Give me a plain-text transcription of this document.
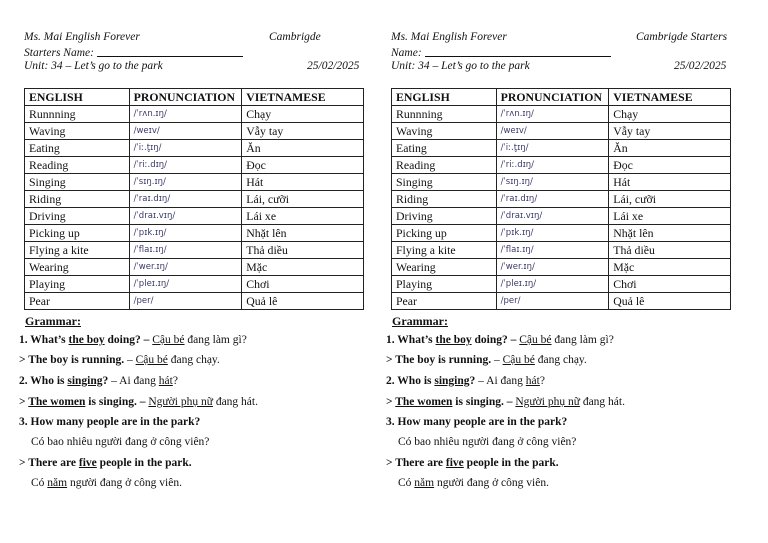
Ms. Mai English Forever	Cambrigde
Starters Name:
Unit: 34 – Let’s go to the park	25/02/2025
ENGLISH	PRONUNCIATION	VIETNAMESE
Runnning	/ˈrʌn.ɪŋ/	Chạy
Waving	/weɪv/	Vẫy tay
Eating	/ˈiː.t̬ɪŋ/	Ăn
Reading	/ˈriː.dɪŋ/	Đọc
Singing	/ˈsɪŋ.ɪŋ/	Hát
Riding	/ˈraɪ.dɪŋ/	Lái, cưỡi
Driving	/ˈdraɪ.vɪŋ/	Lái xe
Picking up	/ˈpɪk.ɪŋ/	Nhặt lên
Flying a kite	/ˈflaɪ.ɪŋ/	Thả diều
Wearing	/ˈwer.ɪŋ/	Mặc
Playing	/ˈpleɪ.ɪŋ/	Chơi
Pear	/per/	Quả lê
Grammar:
1. What’s the boy doing? – Cậu bé đang làm gì?
> The boy is running. – Cậu bé đang chạy.
2. Who is singing? – Ai đang hát?
> The women is singing. – Người phụ nữ đang hát.
3. How many people are in the park?
Có bao nhiêu người đang ở công viên?
> There are five people in the park.
Có năm người đang ở công viên.
Ms. Mai English Forever	Cambrigde Starters
Name:
Unit: 34 – Let’s go to the park	25/02/2025
ENGLISH	PRONUNCIATION	VIETNAMESE
Runnning	/ˈrʌn.ɪŋ/	Chạy
Waving	/weɪv/	Vẫy tay
Eating	/ˈiː.t̬ɪŋ/	Ăn
Reading	/ˈriː.dɪŋ/	Đọc
Singing	/ˈsɪŋ.ɪŋ/	Hát
Riding	/ˈraɪ.dɪŋ/	Lái, cưỡi
Driving	/ˈdraɪ.vɪŋ/	Lái xe
Picking up	/ˈpɪk.ɪŋ/	Nhặt lên
Flying a kite	/ˈflaɪ.ɪŋ/	Thả diều
Wearing	/ˈwer.ɪŋ/	Mặc
Playing	/ˈpleɪ.ɪŋ/	Chơi
Pear	/per/	Quả lê
Grammar:
1. What’s the boy doing? – Cậu bé đang làm gì?
> The boy is running. – Cậu bé đang chạy.
2. Who is singing? – Ai đang hát?
> The women is singing. – Người phụ nữ đang hát.
3. How many people are in the park?
Có bao nhiêu người đang ở công viên?
> There are five people in the park.
Có năm người đang ở công viên.
